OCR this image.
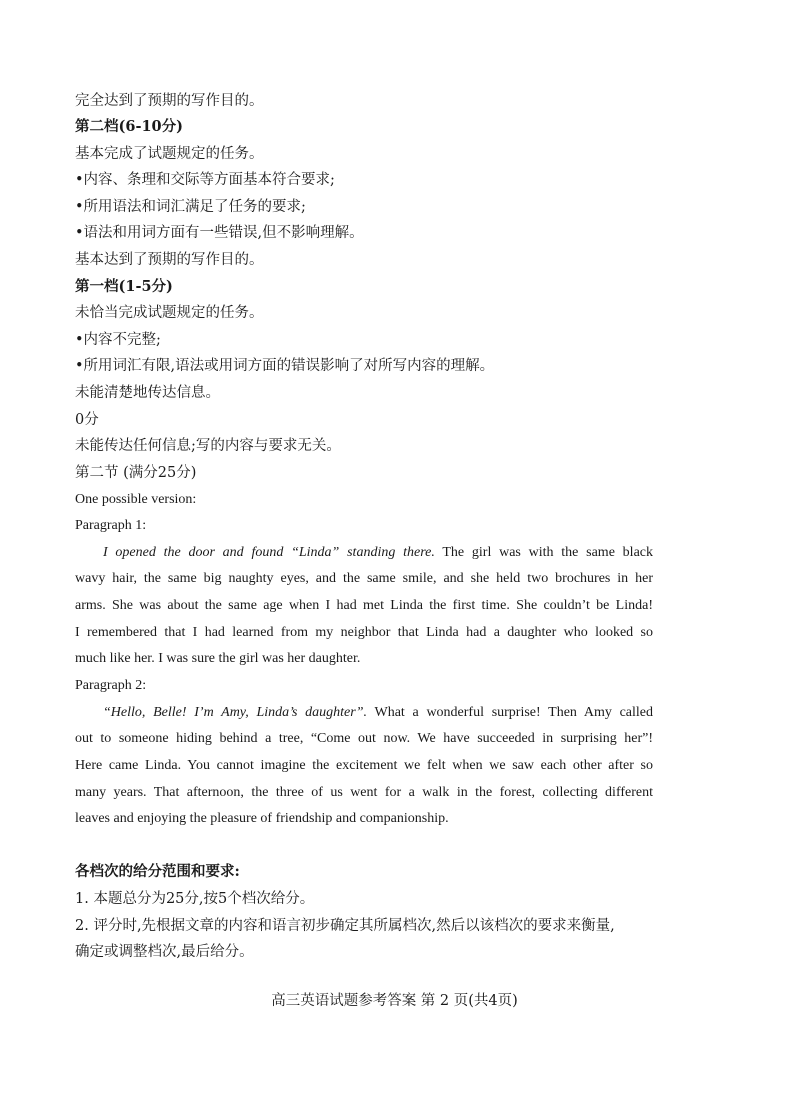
完全达到了预期的写作目的。
第二档(6-10分)
基本完成了试题规定的任务。
•内容、条理和交际等方面基本符合要求;
•所用语法和词汇满足了任务的要求;
•语法和用词方面有一些错误,但不影响理解。
基本达到了预期的写作目的。
第一档(1-5分)
未恰当完成试题规定的任务。
•内容不完整;
•所用词汇有限,语法或用词方面的错误影响了对所写内容的理解。
未能清楚地传达信息。
0分
未能传达任何信息;写的内容与要求无关。
第二节 (满分25分)
One possible version:
Paragraph 1:
I opened the door and found “Linda” standing there. The girl was with the same black
wavy hair, the same big naughty eyes, and the same smile, and she held two brochures in her
arms. She was about the same age when I had met Linda the first time. She couldn’t be Linda!
I remembered that I had learned from my neighbor that Linda had a daughter who looked so
much like her. I was sure the girl was her daughter.
Paragraph 2:
“Hello, Belle! I’m Amy, Linda’s daughter”. What a wonderful surprise! Then Amy called
out to someone hiding behind a tree, “Come out now. We have succeeded in surprising her”!
Here came Linda. You cannot imagine the excitement we felt when we saw each other after so
many years. That afternoon, the three of us went for a walk in the forest, collecting different
leaves and enjoying the pleasure of friendship and companionship.
各档次的给分范围和要求:
1. 本题总分为25分,按5个档次给分。
2. 评分时,先根据文章的内容和语言初步确定其所属档次,然后以该档次的要求来衡量,
确定或调整档次,最后给分。
高三英语试题参考答案 第 2 页(共4页)
